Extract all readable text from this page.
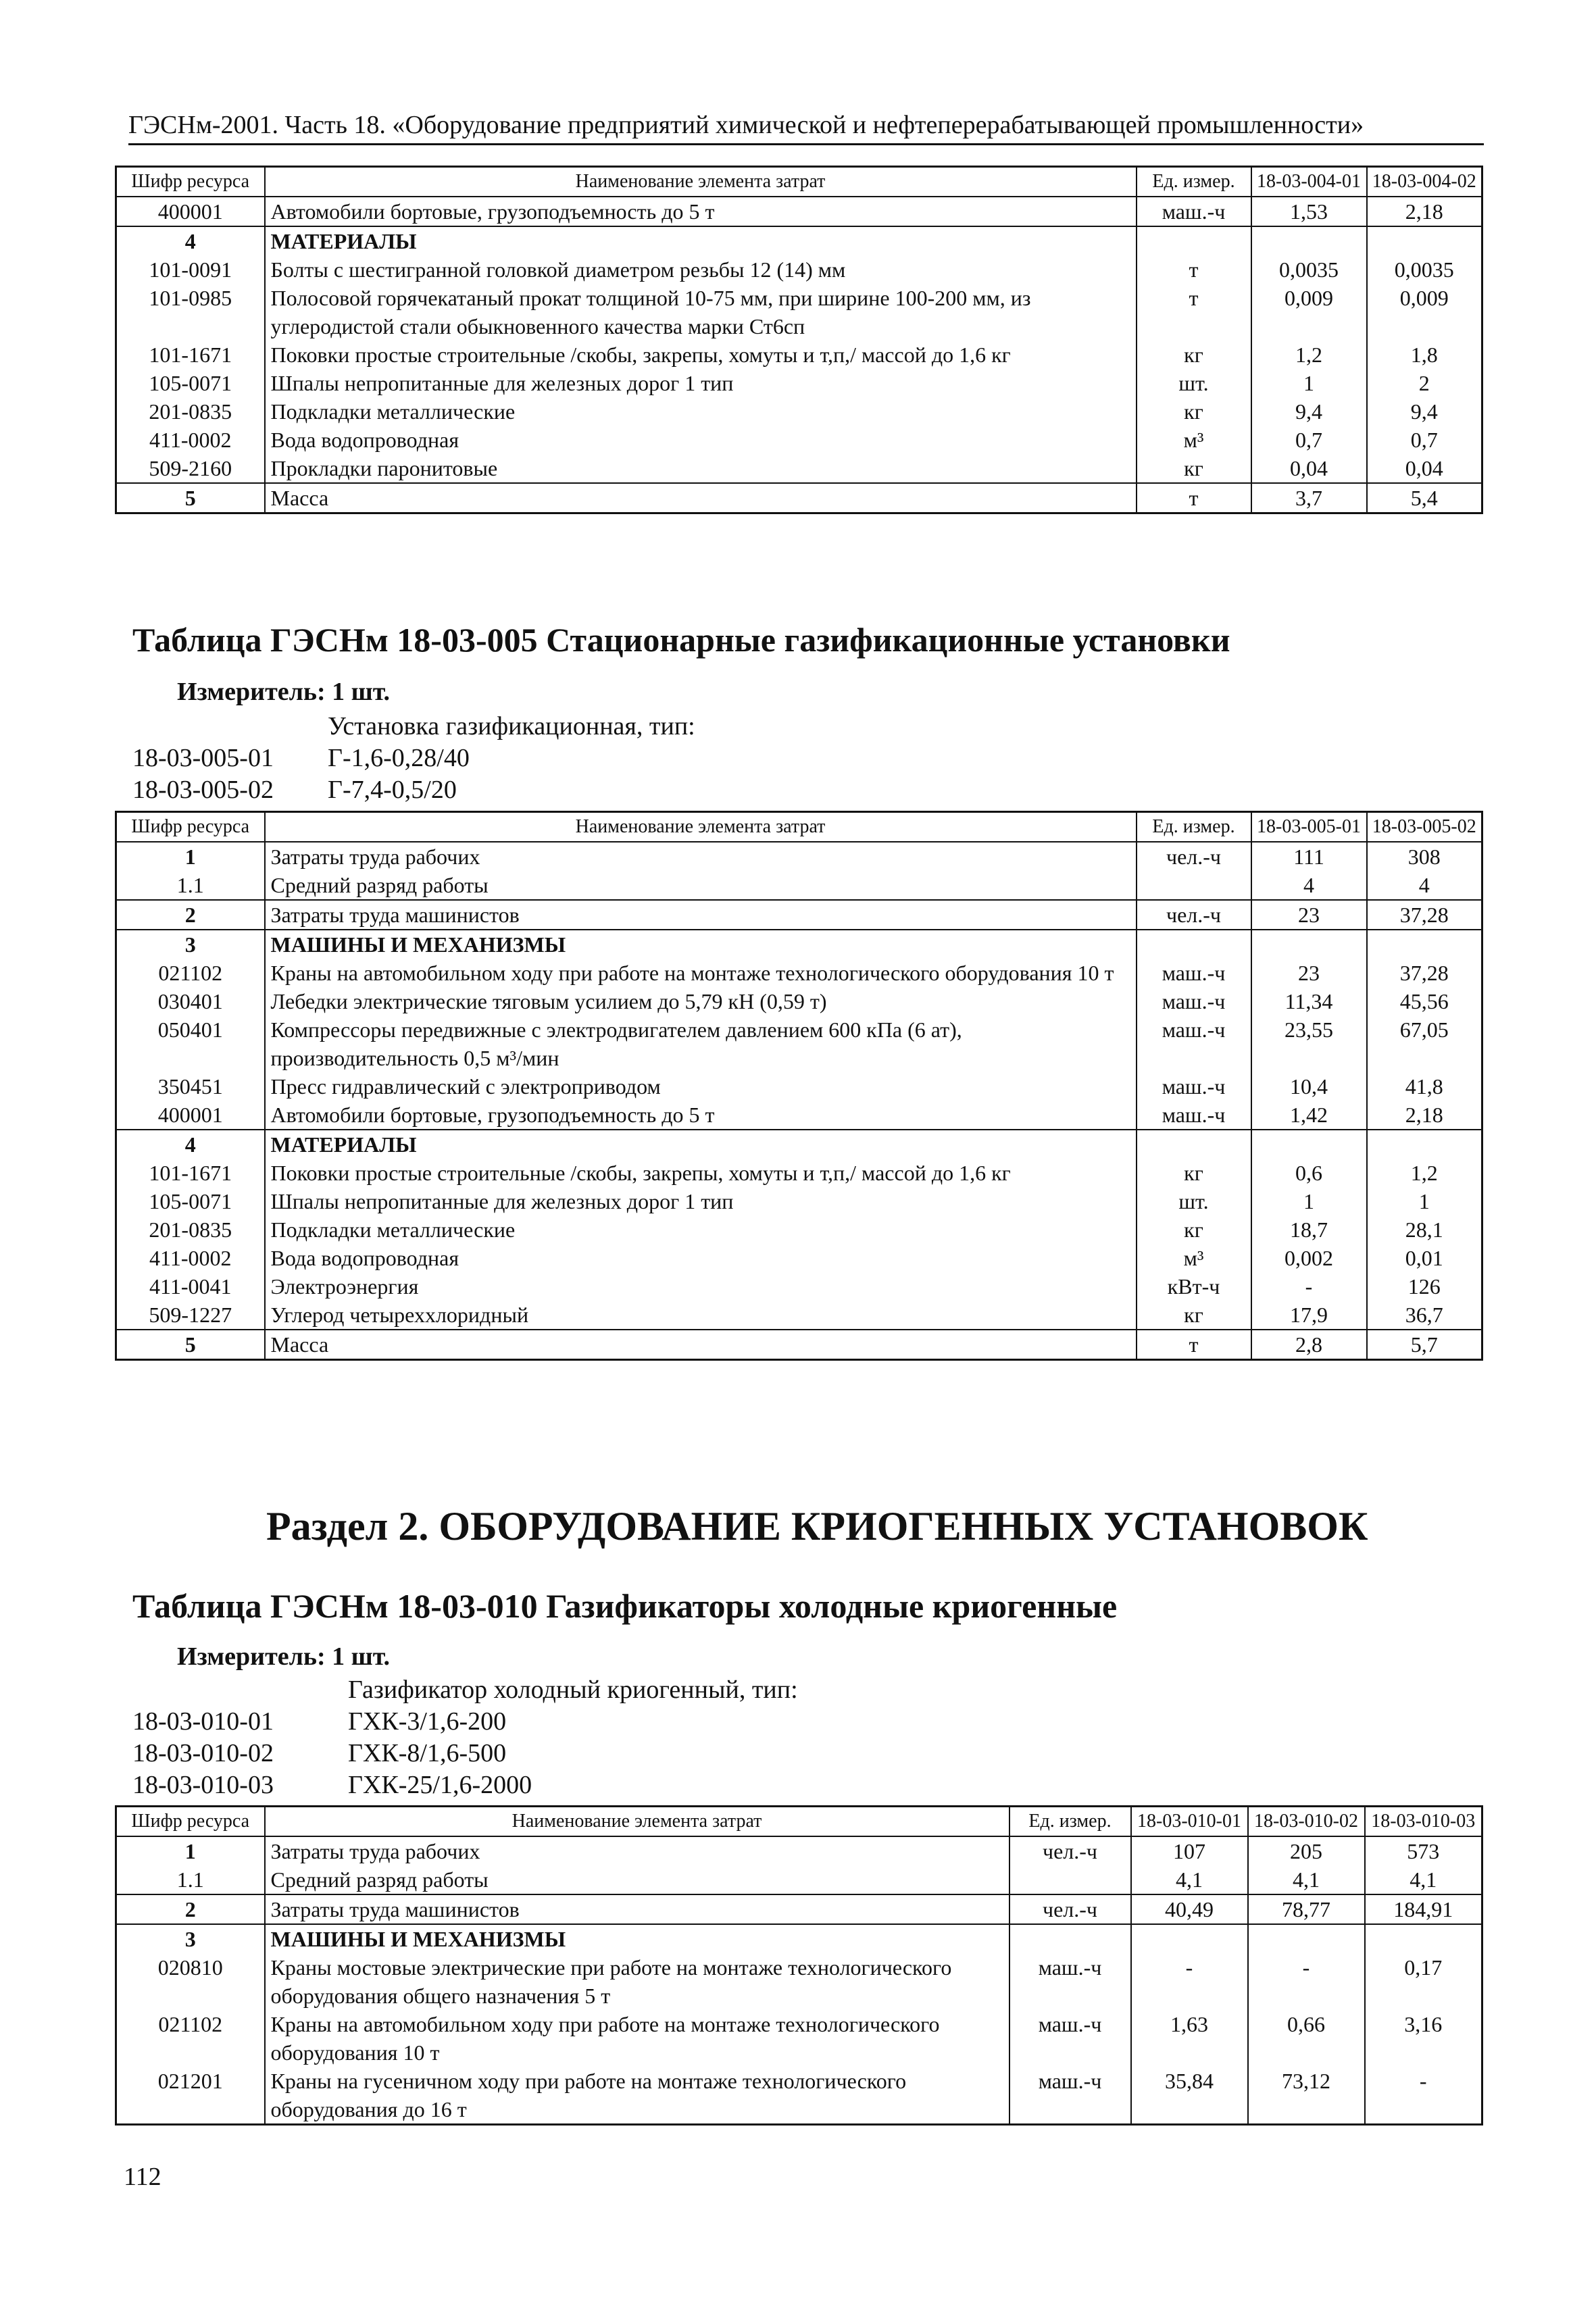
ГЭСНм-2001. Часть 18. «Оборудование предприятий химической и нефтеперерабатывающей промышленности»
Шифр ресурса	Наименование элемента затрат	Ед. измер.	18-03-004-01	18-03-004-02
400001	Автомобили бортовые, грузоподъемность до 5 т	маш.-ч	1,53	2,18
4	МАТЕРИАЛЫ			
101-0091	Болты с шестигранной головкой диаметром резьбы 12 (14) мм	т	0,0035	0,0035
101-0985	Полосовой горячекатаный прокат толщиной 10-75 мм, при ширине 100-200 мм, из углеродистой стали обыкновенного качества марки Ст6сп	т	0,009	0,009
101-1671	Поковки простые строительные /скобы, закрепы, хомуты и т,п,/ массой до 1,6 кг	кг	1,2	1,8
105-0071	Шпалы непропитанные для железных дорог 1 тип	шт.	1	2
201-0835	Подкладки металлические	кг	9,4	9,4
411-0002	Вода водопроводная	м³	0,7	0,7
509-2160	Прокладки паронитовые	кг	0,04	0,04
5	Масса	т	3,7	5,4
Таблица ГЭСНм 18-03-005 Стационарные газификационные установки
Измеритель: 1 шт.
Установка газификационная, тип:
18-03-005-01 Г-1,6-0,28/40
18-03-005-02 Г-7,4-0,5/20
Шифр ресурса	Наименование элемента затрат	Ед. измер.	18-03-005-01	18-03-005-02
1	Затраты труда рабочих	чел.-ч	111	308
1.1	Средний разряд работы		4	4
2	Затраты труда машинистов	чел.-ч	23	37,28
3	МАШИНЫ И МЕХАНИЗМЫ			
021102	Краны на автомобильном ходу при работе на монтаже технологического оборудования 10 т	маш.-ч	23	37,28
030401	Лебедки электрические тяговым усилием до 5,79 кН (0,59 т)	маш.-ч	11,34	45,56
050401	Компрессоры передвижные с электродвигателем давлением 600 кПа (6 ат), производительность 0,5 м³/мин	маш.-ч	23,55	67,05
350451	Пресс гидравлический с электроприводом	маш.-ч	10,4	41,8
400001	Автомобили бортовые, грузоподъемность до 5 т	маш.-ч	1,42	2,18
4	МАТЕРИАЛЫ			
101-1671	Поковки простые строительные /скобы, закрепы, хомуты и т,п,/ массой до 1,6 кг	кг	0,6	1,2
105-0071	Шпалы непропитанные для железных дорог 1 тип	шт.	1	1
201-0835	Подкладки металлические	кг	18,7	28,1
411-0002	Вода водопроводная	м³	0,002	0,01
411-0041	Электроэнергия	кВт-ч	-	126
509-1227	Углерод четыреххлоридный	кг	17,9	36,7
5	Масса	т	2,8	5,7
Раздел 2. ОБОРУДОВАНИЕ КРИОГЕННЫХ УСТАНОВОК
Таблица ГЭСНм 18-03-010 Газификаторы холодные криогенные
Измеритель: 1 шт.
Газификатор холодный криогенный, тип:
18-03-010-01	ГХК-3/1,6-200
18-03-010-02	ГХК-8/1,6-500
18-03-010-03	ГХК-25/1,6-2000
Шифр ресурса	Наименование элемента затрат	Ед. измер.	18-03-010-01	18-03-010-02	18-03-010-03
1	Затраты труда рабочих	чел.-ч	107	205	573
1.1	Средний разряд работы		4,1	4,1	4,1
2	Затраты труда машинистов	чел.-ч	40,49	78,77	184,91
3	МАШИНЫ И МЕХАНИЗМЫ				
020810	Краны мостовые электрические при работе на монтаже технологического оборудования общего назначения 5 т	маш.-ч	-	-	0,17
021102	Краны на автомобильном ходу при работе на монтаже технологического оборудования 10 т	маш.-ч	1,63	0,66	3,16
021201	Краны на гусеничном ходу при работе на монтаже технологического оборудования до 16 т	маш.-ч	35,84	73,12	-
112
